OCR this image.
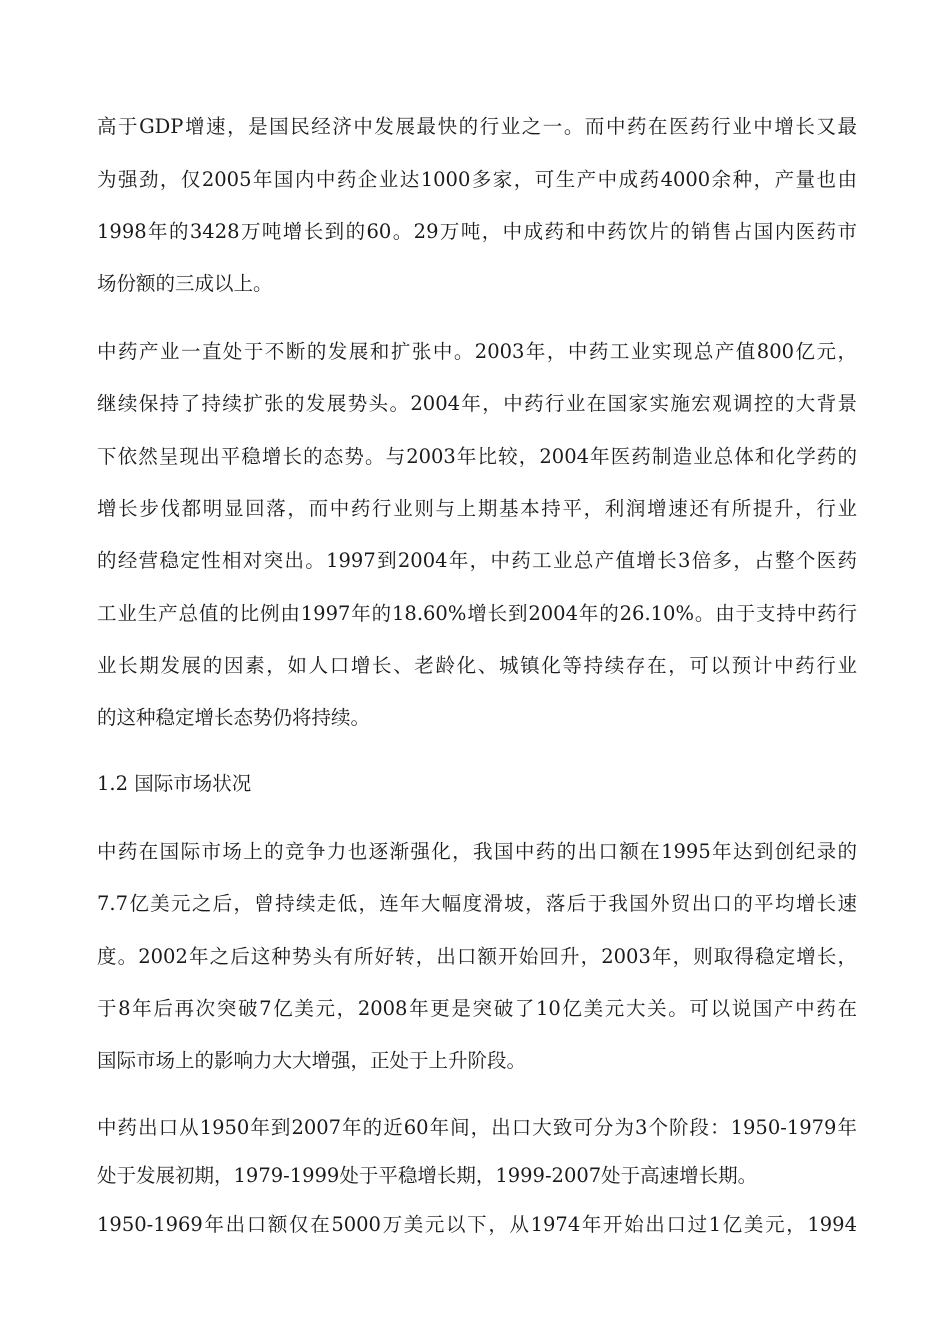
高于GDP增速，是国民经济中发展最快的行业之一。而中药在医药行业中增长又最
为强劲，仅2005年国内中药企业达1000多家，可生产中成药4000余种，产量也由
1998年的3428万吨增长到的60。29万吨，中成药和中药饮片的销售占国内医药市
场份额的三成以上。
中药产业一直处于不断的发展和扩张中。2003年，中药工业实现总产值800亿元，
继续保持了持续扩张的发展势头。2004年，中药行业在国家实施宏观调控的大背景
下依然呈现出平稳增长的态势。与2003年比较，2004年医药制造业总体和化学药的
增长步伐都明显回落，而中药行业则与上期基本持平，利润增速还有所提升，行业
的经营稳定性相对突出。1997到2004年，中药工业总产值增长3倍多，占整个医药
工业生产总值的比例由1997年的18.60%增长到2004年的26.10%。由于支持中药行
业长期发展的因素，如人口增长、老龄化、城镇化等持续存在，可以预计中药行业
的这种稳定增长态势仍将持续。
1.2 国际市场状况
中药在国际市场上的竞争力也逐渐强化，我国中药的出口额在1995年达到创纪录的
7.7亿美元之后，曾持续走低，连年大幅度滑坡，落后于我国外贸出口的平均增长速
度。2002年之后这种势头有所好转，出口额开始回升，2003年，则取得稳定增长，
于8年后再次突破7亿美元，2008年更是突破了10亿美元大关。可以说国产中药在
国际市场上的影响力大大增强，正处于上升阶段。
中药出口从1950年到2007年的近60年间，出口大致可分为3个阶段：1950-1979年
处于发展初期，1979-1999处于平稳增长期，1999-2007处于高速增长期。
1950-1969年出口额仅在5000万美元以下，从1974年开始出口过1亿美元，1994
